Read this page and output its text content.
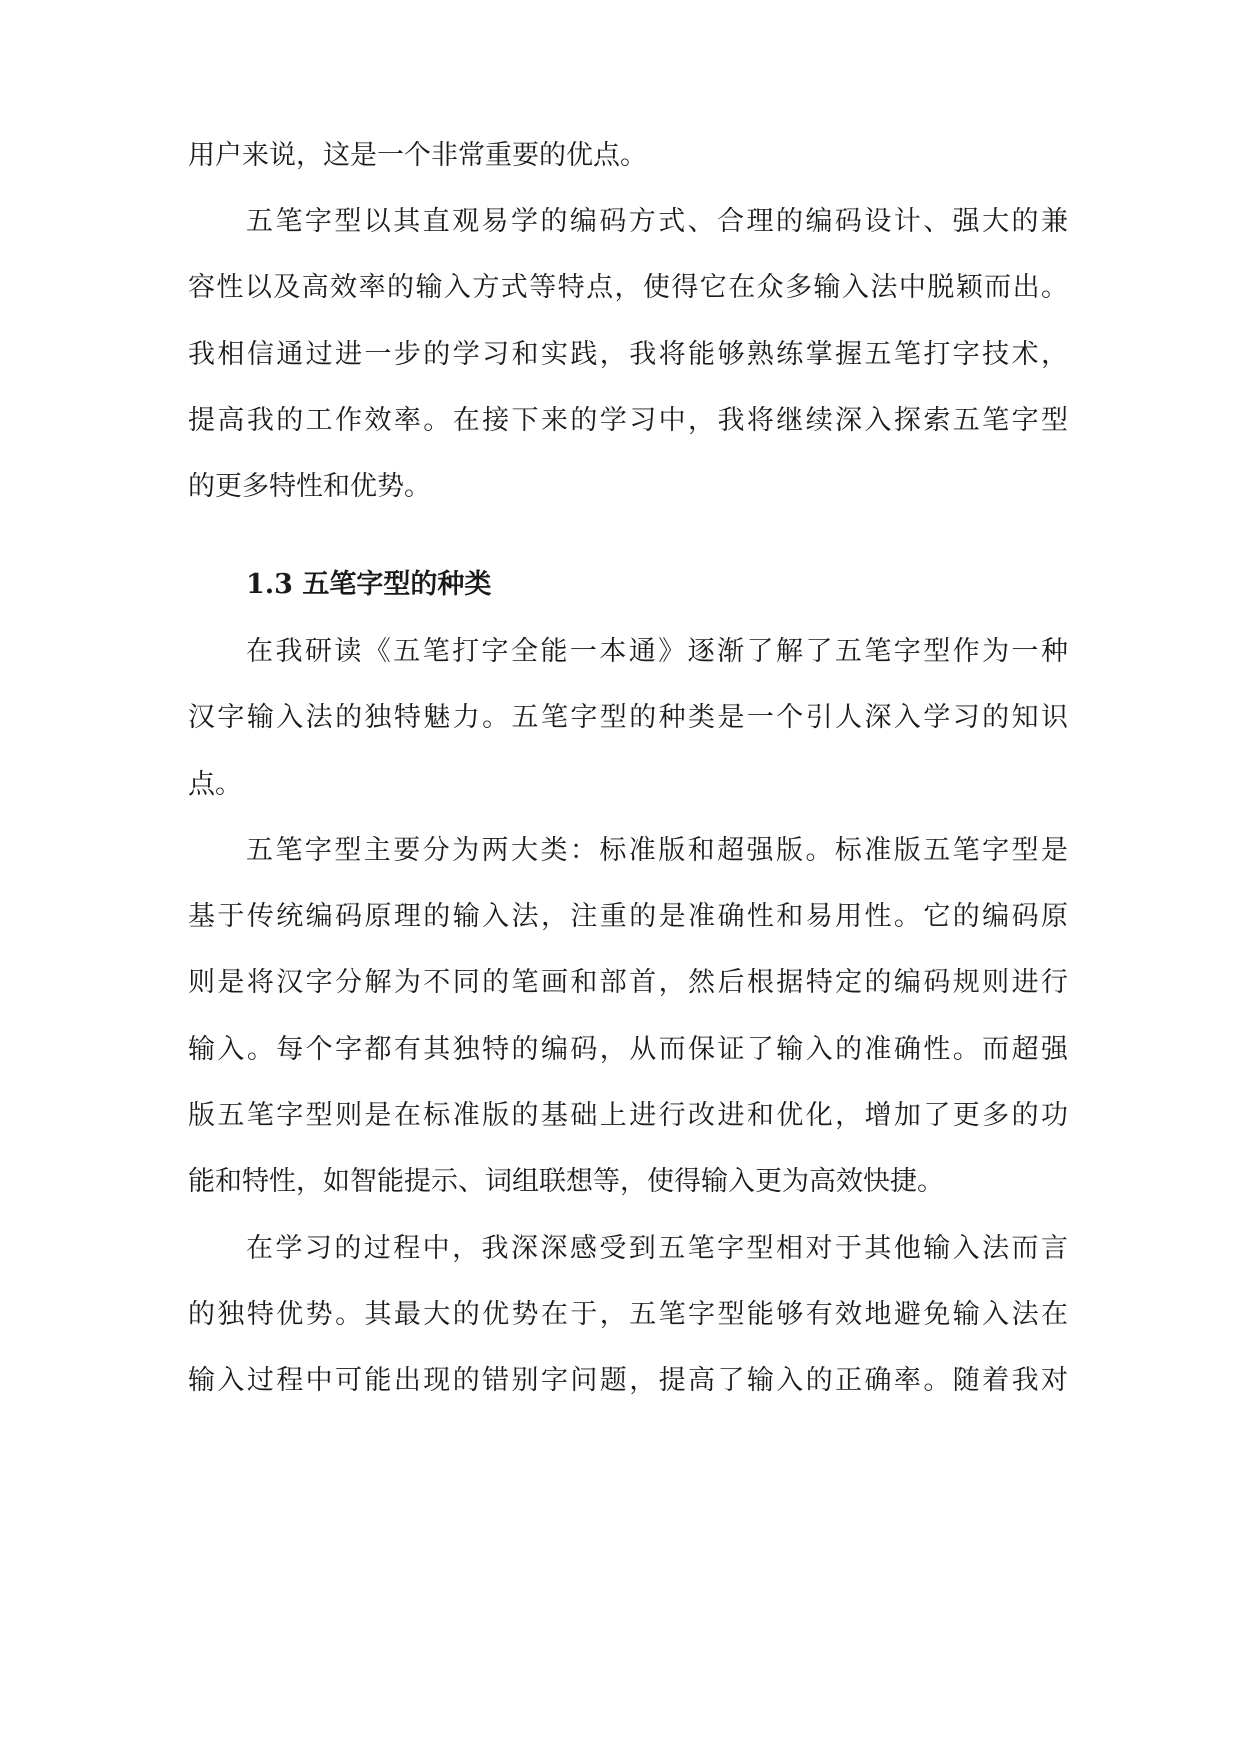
用户来说，这是一个非常重要的优点。
五笔字型以其直观易学的编码方式、合理的编码设计、强大的兼
容性以及高效率的输入方式等特点，使得它在众多输入法中脱颖而出。
我相信通过进一步的学习和实践，我将能够熟练掌握五笔打字技术，
提高我的工作效率。在接下来的学习中，我将继续深入探索五笔字型
的更多特性和优势。
1.3 五笔字型的种类
在我研读《五笔打字全能一本通》逐渐了解了五笔字型作为一种
汉字输入法的独特魅力。五笔字型的种类是一个引人深入学习的知识
点。
五笔字型主要分为两大类：标准版和超强版。标准版五笔字型是
基于传统编码原理的输入法，注重的是准确性和易用性。它的编码原
则是将汉字分解为不同的笔画和部首，然后根据特定的编码规则进行
输入。每个字都有其独特的编码，从而保证了输入的准确性。而超强
版五笔字型则是在标准版的基础上进行改进和优化，增加了更多的功
能和特性，如智能提示、词组联想等，使得输入更为高效快捷。
在学习的过程中，我深深感受到五笔字型相对于其他输入法而言
的独特优势。其最大的优势在于，五笔字型能够有效地避免输入法在
输入过程中可能出现的错别字问题，提高了输入的正确率。随着我对
